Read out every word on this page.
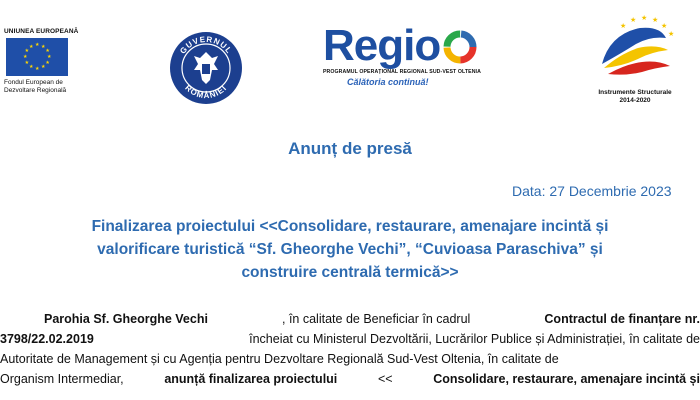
UNIUNEA EUROPEANĂ
★
★
★
★
★
★
★
★
★ ★ ★
★
Fondul European de
Dezvoltare Regională
GUVERNUL
ROMÂNIEI
Regio
PROGRAMUL OPERAȚIONAL REGIONAL SUD-VEST OLTENIA
Călătoria continuă!
★
★ ★ ★
★
★
Instrumente Structurale
2014-2020
Anunț de presă
Data: 27 Decembrie 2023
Finalizarea proiectului <<Consolidare, restaurare, amenajare incintă și
valorificare turistică “Sf. Gheorghe Vechi”, “Cuvioasa Paraschiva” și
construire centrală termică>>
Parohia Sf. Gheorghe Vechi	, în calitate de Beneficiar în cadrul	Contractul de finanțare nr.
3798/22.02.2019	încheiat cu Ministerul Dezvoltării, Lucrărilor Publice și Administrației, în calitate de
Autoritate de Management și cu Agenția pentru Dezvoltare Regională Sud-Vest Oltenia, în calitate de
Organism Intermediar,	anunță finalizarea proiectului	<<	Consolidare, restaurare, amenajare incintă și
